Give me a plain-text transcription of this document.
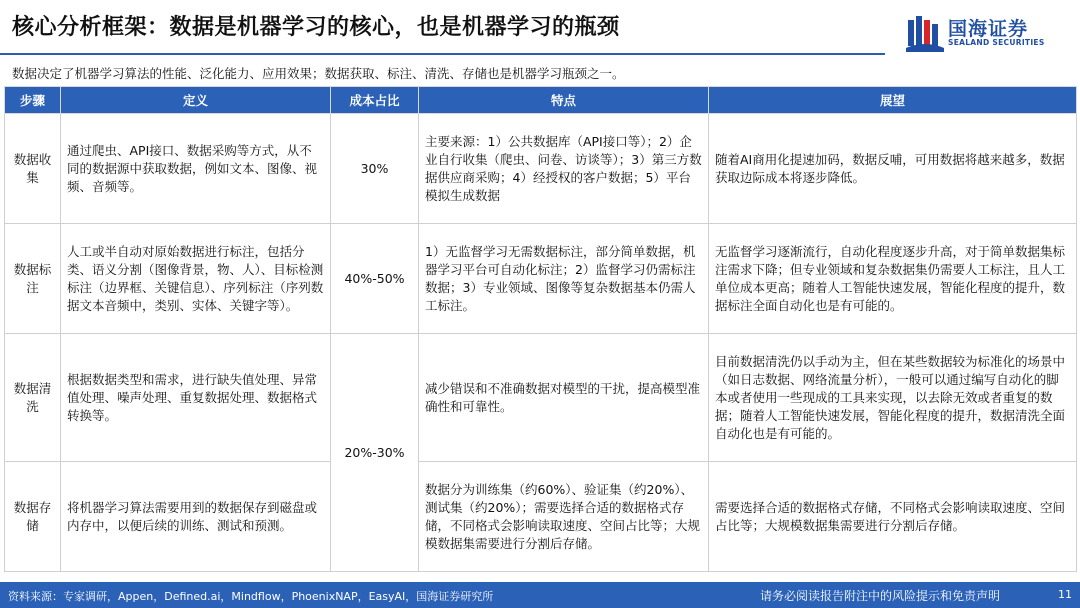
核心分析框架：数据是机器学习的核心，也是机器学习的瓶颈	国海证券
SEALAND SECURITIES
数据决定了机器学习算法的性能、泛化能力、应用效果；数据获取、标注、清洗、存储也是机器学习瓶颈之一。
步骤	定义	成本占比	特点	展望
数据收集	通过爬虫、API接口、数据采购等方式，从不同的数据源中获取数据，例如文本、图像、视频、音频等。	30%	主要来源：1）公共数据库（API接口等）；2）企业自行收集（爬虫、问卷、访谈等）；3）第三方数据供应商采购；4）经授权的客户数据；5）平台模拟生成数据	随着AI商用化提速加码，数据反哺，可用数据将越来越多，数据获取边际成本将逐步降低。
数据标注	人工或半自动对原始数据进行标注，包括分类、语义分割（图像背景，物、人）、目标检测标注（边界框、关键信息）、序列标注（序列数据文本音频中，类别、实体、关键字等）。	40%-50%	1）无监督学习无需数据标注，部分简单数据，机器学习平台可自动化标注；2）监督学习仍需标注数据；3）专业领域、图像等复杂数据基本仍需人工标注。	无监督学习逐渐流行，自动化程度逐步升高，对于简单数据集标注需求下降；但专业领域和复杂数据集仍需要人工标注，且人工单位成本更高；随着人工智能快速发展，智能化程度的提升，数据标注全面自动化也是有可能的。
数据清洗	根据数据类型和需求，进行缺失值处理、异常值处理、噪声处理、重复数据处理、数据格式转换等。	20%-30%	减少错误和不准确数据对模型的干扰，提高模型准确性和可靠性。	目前数据清洗仍以手动为主，但在某些数据较为标准化的场景中（如日志数据、网络流量分析），一般可以通过编写自动化的脚本或者使用一些现成的工具来实现，以去除无效或者重复的数据；随着人工智能快速发展，智能化程度的提升，数据清洗全面自动化也是有可能的。
数据存储	将机器学习算法需要用到的数据保存到磁盘或内存中，以便后续的训练、测试和预测。		数据分为训练集（约60%）、验证集（约20%）、测试集（约20%）；需要选择合适的数据格式存储，不同格式会影响读取速度、空间占比等；大规模数据集需要进行分割后存储。	需要选择合适的数据格式存储，不同格式会影响读取速度、空间占比等；大规模数据集需要进行分割后存储。
资料来源：专家调研，Appen，Defined.ai，Mindflow，PhoenixNAP，EasyAI，国海证券研究所	请务必阅读报告附注中的风险提示和免责声明	11
